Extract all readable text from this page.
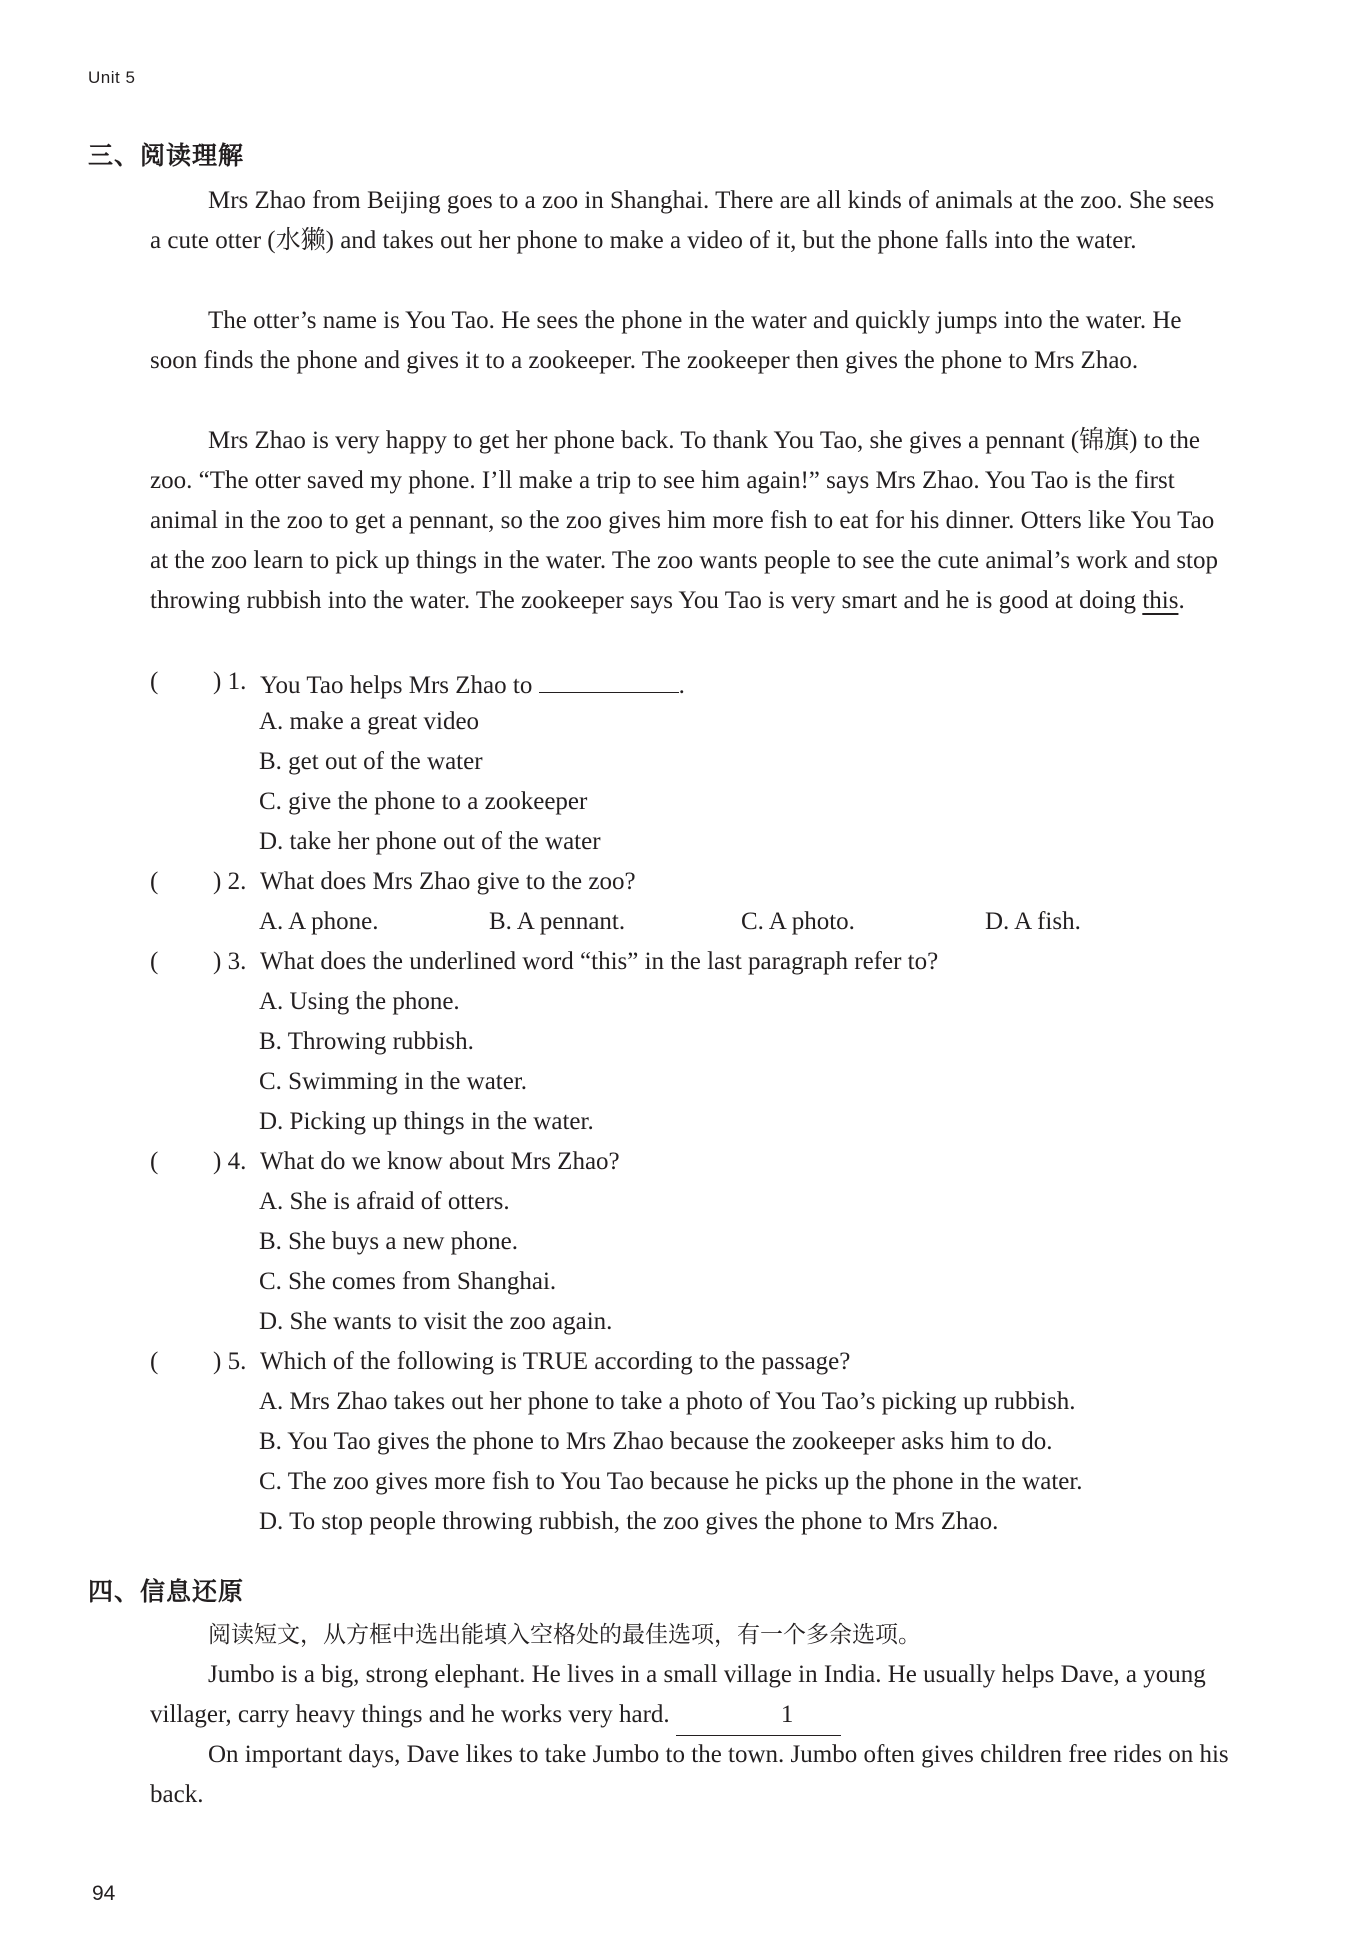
Unit 5
三、阅读理解

Mrs Zhao from Beijing goes to a zoo in Shanghai. There are all kinds of animals at the zoo. She sees a cute otter (水獭) and takes out her phone to make a video of it, but the phone falls into the water.

The otter’s name is You Tao. He sees the phone in the water and quickly jumps into the water. He soon finds the phone and gives it to a zookeeper. The zookeeper then gives the phone to Mrs Zhao.

Mrs Zhao is very happy to get her phone back. To thank You Tao, she gives a pennant (锦旗) to the zoo. “The otter saved my phone. I’ll make a trip to see him again!” says Mrs Zhao. You Tao is the first animal in the zoo to get a pennant, so the zoo gives him more fish to eat for his dinner. Otters like You Tao at the zoo learn to pick up things in the water. The zoo wants people to see the cute animal’s work and stop throwing rubbish into the water. The zookeeper says You Tao is very smart and he is good at doing this.

( ) 1. You Tao helps Mrs Zhao to	.
A. make a great video
B. get out of the water
C. give the phone to a zookeeper
D. take her phone out of the water
( ) 2. What does Mrs Zhao give to the zoo?
A. A phone.	B. A pennant.	C. A photo.	D. A fish.
( ) 3. What does the underlined word “this” in the last paragraph refer to?
A. Using the phone.
B. Throwing rubbish.
C. Swimming in the water.
D. Picking up things in the water.
( ) 4. What do we know about Mrs Zhao?
A. She is afraid of otters.
B. She buys a new phone.
C. She comes from Shanghai.
D. She wants to visit the zoo again.
( ) 5. Which of the following is TRUE according to the passage?
A. Mrs Zhao takes out her phone to take a photo of You Tao’s picking up rubbish.
B. You Tao gives the phone to Mrs Zhao because the zookeeper asks him to do.
C. The zoo gives more fish to You Tao because he picks up the phone in the water.
D. To stop people throwing rubbish, the zoo gives the phone to Mrs Zhao.
四、信息还原

阅读短文，从方框中选出能填入空格处的最佳选项，有一个多余选项。

Jumbo is a big, strong elephant. He lives in a small village in India. He usually helps Dave, a young villager, carry heavy things and he works very hard.	1

On important days, Dave likes to take Jumbo to the town. Jumbo often gives children free rides on his back.

94
